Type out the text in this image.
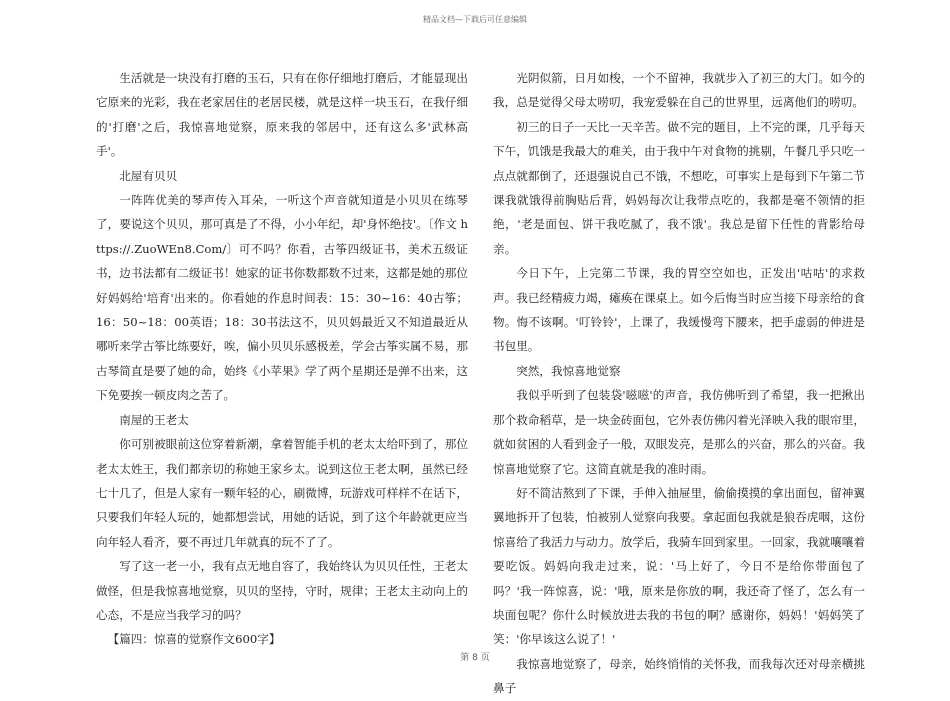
精品文档—下载后可任意编辑

生活就是一块没有打磨的玉石，只有在你仔细地打磨后，才能显现出它原来的光彩，我在老家居住的老居民楼，就是这样一块玉石，在我仔细的'打磨'之后，我惊喜地觉察，原来我的邻居中，还有这么多'武林高手'。

北屋有贝贝

一阵阵优美的琴声传入耳朵，一听这个声音就知道是小贝贝在练琴了，要说这个贝贝，那可真是了不得，小小年纪，却'身怀绝技'。〔作文 https://.ZuoWEn8.Com/〕可不吗？你看，古筝四级证书，美术五级证书，边书法都有二级证书！她家的证书你数都数不过来，这都是她的那位好妈妈给'培育'出来的。你看她的作息时间表：15：30~16：40古筝；16：50~18：00英语；18：30书法这不，贝贝妈最近又不知道最近从哪听来学古筝比练要好，唉，偏小贝贝乐感极差，学会古筝实属不易，那古琴简直是要了她的命，始终《小苹果》学了两个星期还是弹不出来，这下免要挨一顿皮肉之苦了。

南屋的王老太

你可别被眼前这位穿着新潮，拿着智能手机的老太太给吓到了，那位老太太姓王，我们都亲切的称她王家乡太。说到这位王老太啊，虽然已经七十几了，但是人家有一颗年轻的心，刷微博，玩游戏可样样不在话下，只要我们年轻人玩的，她都想尝试，用她的话说，到了这个年龄就更应当向年轻人看齐，要不再过几年就真的玩不了了。

写了这一老一小，我有点无地自容了，我始终认为贝贝任性，王老太做怪，但是我惊喜地觉察，贝贝的坚持，守时，规律；王老太主动向上的心态，不是应当我学习的吗？

【篇四：惊喜的觉察作文600字】

光阴似箭，日月如梭，一个不留神，我就步入了初三的大门。如今的我，总是觉得父母太唠叨，我宠爱躲在自己的世界里，远离他们的唠叨。

初三的日子一天比一天辛苦。做不完的题目，上不完的课，几乎每天下午，饥饿是我最大的难关，由于我中午对食物的挑剔，午餐几乎只吃一点点就都倒了，还退强说自己不饿，不想吃，可事实上是每到下午第二节课我就饿得前胸贴后背，妈妈每次让我带点吃的，我都是毫不领情的拒绝，'老是面包、饼干我吃腻了，我不饿'。我总是留下任性的背影给母亲。

今日下午，上完第二节课，我的胃空空如也，正发出'咕咕'的求救声。我已经精疲力竭，瘫痪在课桌上。如今后悔当时应当接下母亲给的食物。悔不该啊。'叮铃铃'，上课了，我缓慢弯下腰来，把手虚弱的伸进是书包里。

突然，我惊喜地觉察

我似乎听到了包装袋'嗞嗞'的声音，我仿佛听到了希望，我一把揪出那个救命稻草，是一块金砖面包，它外表仿佛闪着光泽映入我的眼帘里，就如贫困的人看到金子一般，双眼发亮，是那么的兴奋，那么的兴奋。我惊喜地觉察了它。这简直就是我的准时雨。

好不简洁熬到了下课，手伸入抽屉里，偷偷摸摸的拿出面包，留神翼翼地拆开了包装，怕被别人觉察向我要。拿起面包我就是狼吞虎咽，这份惊喜给了我活力与动力。放学后，我骑车回到家里。一回家，我就嚷嚷着要吃饭。妈妈向我走过来，说：'马上好了，今日不是给你带面包了吗？'我一阵惊喜，说：'哦，原来是你放的啊，我还奇了怪了，怎么有一块面包呢？你什么时候放进去我的书包的啊？感谢你，妈妈！'妈妈笑了笑：'你早该这么说了！'

我惊喜地觉察了，母亲，始终悄悄的关怀我，而我每次还对母亲横挑鼻子

第 8 页
